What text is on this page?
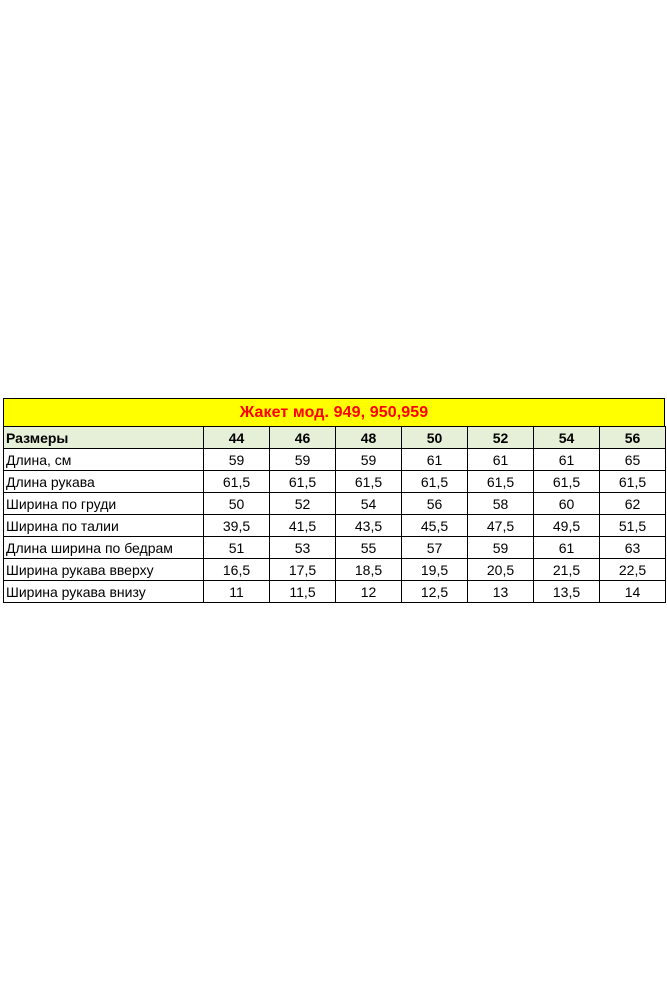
Жакет мод. 949, 950,959
Размеры	44	46	48	50	52	54	56
Длина, см	59	59	59	61	61	61	65
Длина рукава	61,5	61,5	61,5	61,5	61,5	61,5	61,5
Ширина по груди	50	52	54	56	58	60	62
Ширина по талии	39,5	41,5	43,5	45,5	47,5	49,5	51,5
Длина ширина по бедрам	51	53	55	57	59	61	63
Ширина рукава вверху	16,5	17,5	18,5	19,5	20,5	21,5	22,5
Ширина рукава внизу	11	11,5	12	12,5	13	13,5	14
